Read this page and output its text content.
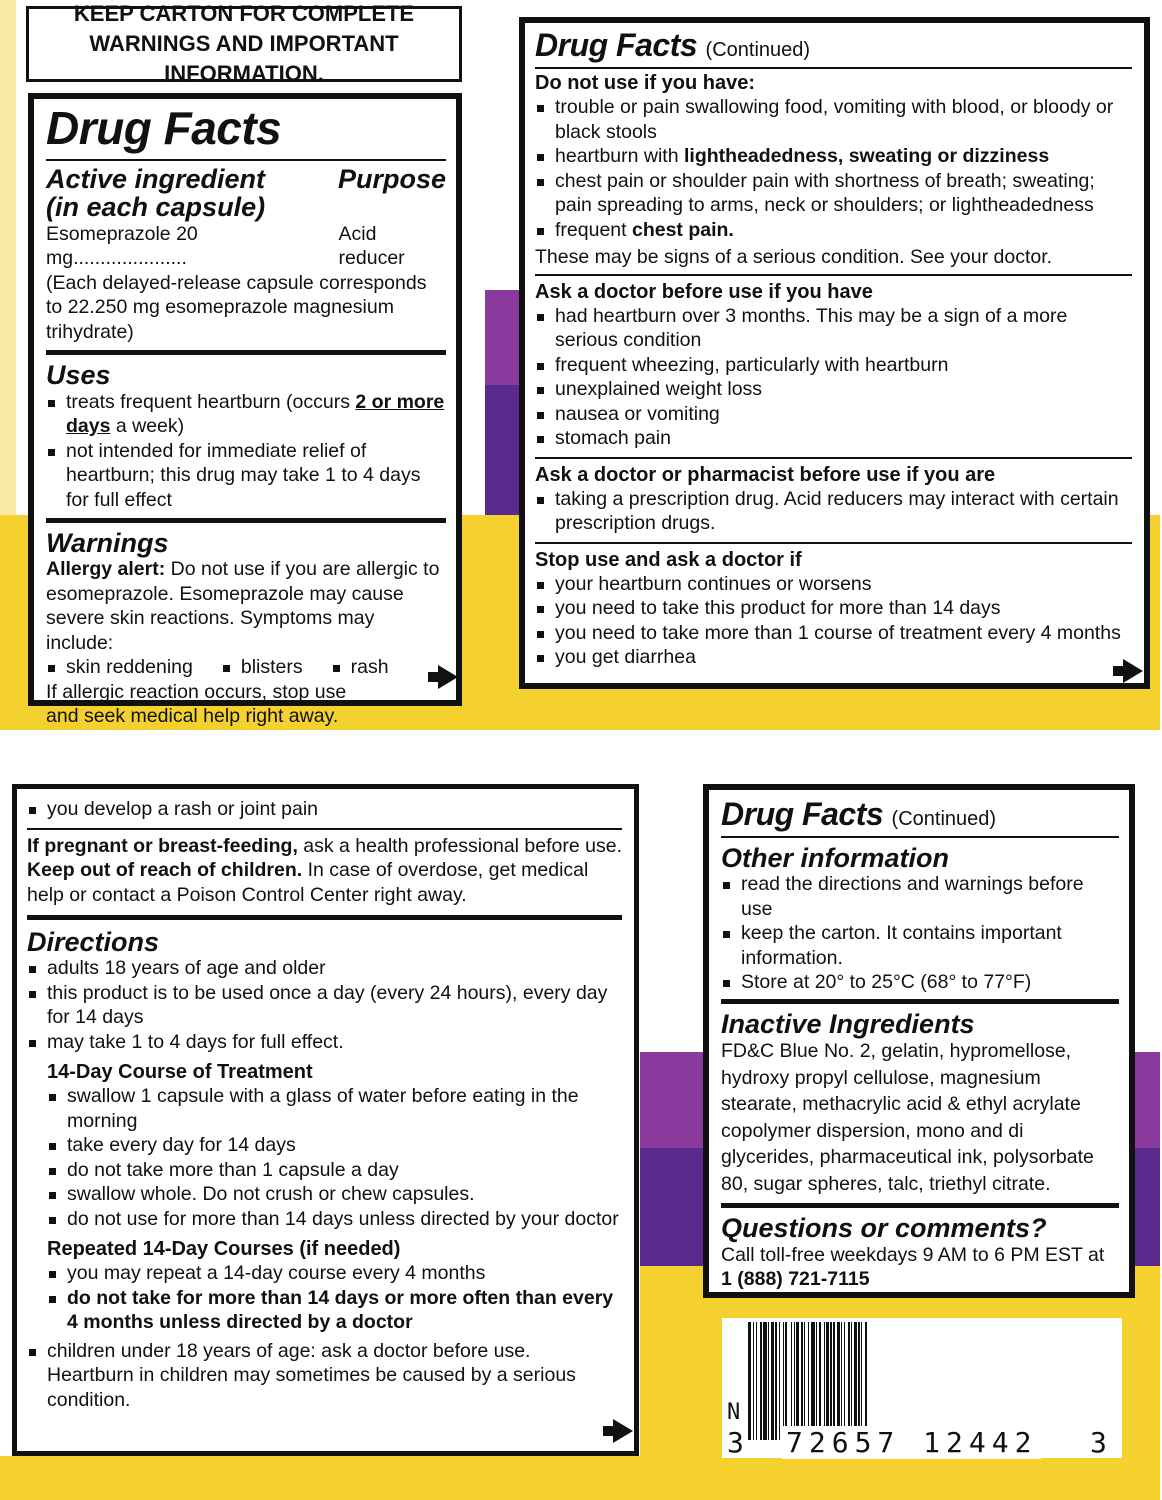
KEEP CARTON FOR COMPLETE WARNINGS AND IMPORTANT INFORMATION.
Drug Facts
Active ingredient (in each capsule)
Purpose
Esomeprazole 20 mg.....................
Acid reducer
(Each delayed-release capsule corresponds to 22.250 mg esomeprazole magnesium trihydrate)
Uses
treats frequent heartburn (occurs 2 or more days a week)
not intended for immediate relief of heartburn; this drug may take 1 to 4 days for full effect
Warnings
Allergy alert: Do not use if you are allergic to esomeprazole. Esomeprazole may cause severe skin reactions. Symptoms may include:
skin reddening	blisters	rash
If allergic reaction occurs, stop use and seek medical help right away.
Drug Facts (Continued)
Do not use if you have:
trouble or pain swallowing food, vomiting with blood, or bloody or black stools
heartburn with lightheadedness, sweating or dizziness
chest pain or shoulder pain with shortness of breath; sweating; pain spreading to arms, neck or shoulders; or lightheadedness
frequent chest pain.
These may be signs of a serious condition. See your doctor.
Ask a doctor before use if you have
had heartburn over 3 months. This may be a sign of a more serious condition
frequent wheezing, particularly with heartburn
unexplained weight loss
nausea or vomiting
stomach pain
Ask a doctor or pharmacist before use if you are
taking a prescription drug. Acid reducers may interact with certain prescription drugs.
Stop use and ask a doctor if
your heartburn continues or worsens
you need to take this product for more than 14 days
you need to take more than 1 course of treatment every 4 months
you get diarrhea
you develop a rash or joint pain
If pregnant or breast-feeding, ask a health professional before use.
Keep out of reach of children. In case of overdose, get medical help or contact a Poison Control Center right away.
Directions
adults 18 years of age and older
this product is to be used once a day (every 24 hours), every day for 14 days
may take 1 to 4 days for full effect.
14-Day Course of Treatment
swallow 1 capsule with a glass of water before eating in the morning
take every day for 14 days
do not take more than 1 capsule a day
swallow whole. Do not crush or chew capsules.
do not use for more than 14 days unless directed by your doctor
Repeated 14-Day Courses (if needed)
you may repeat a 14-day course every 4 months
do not take for more than 14 days or more often than every 4 months unless directed by a doctor
children under 18 years of age: ask a doctor before use. Heartburn in children may sometimes be caused by a serious condition.
Drug Facts (Continued)
Other information
read the directions and warnings before use
keep the carton. It contains important information.
Store at 20° to 25°C (68° to 77°F)
Inactive Ingredients
FD&C Blue No. 2, gelatin, hypromellose, hydroxy propyl cellulose, magnesium stearate, methacrylic acid & ethyl acrylate copolymer dispersion, mono and di glycerides, pharmaceutical ink, polysorbate 80, sugar spheres, talc, triethyl citrate.
Questions or comments?
Call toll-free weekdays 9 AM to 6 PM EST at
1 (888) 721-7115
N
3 72657 12442 3
